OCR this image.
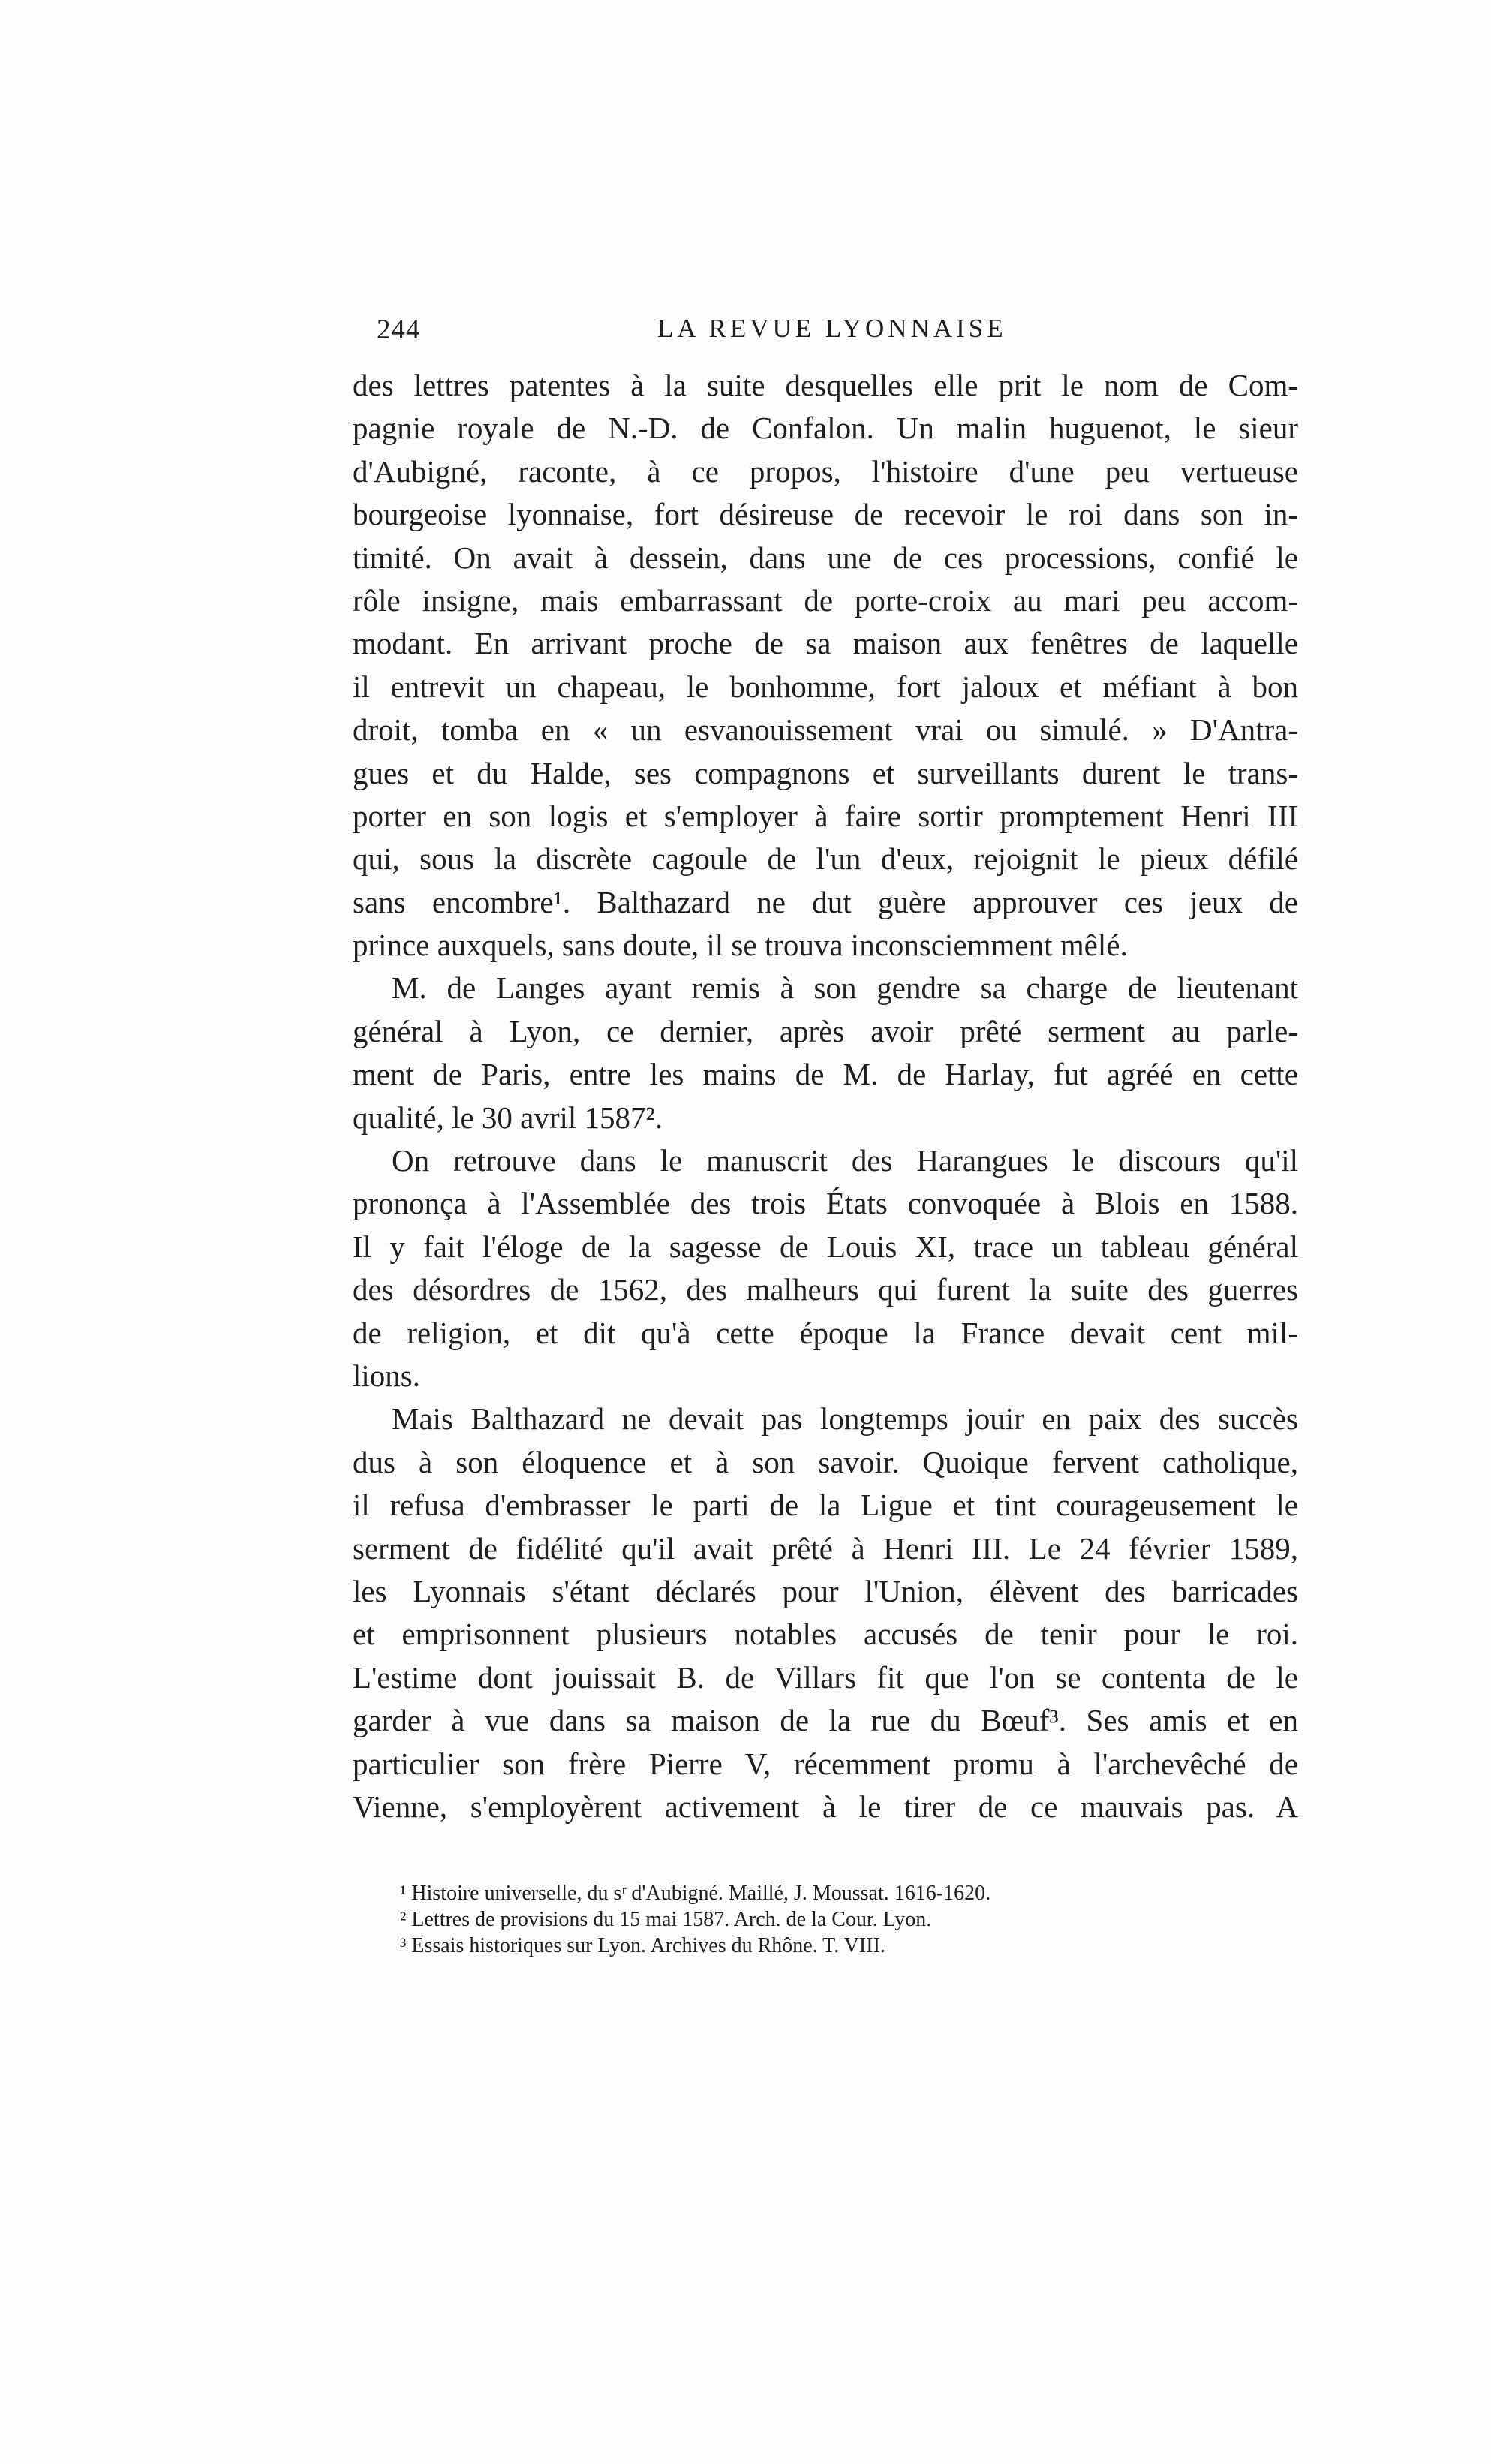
244	LA REVUE LYONNAISE
des lettres patentes à la suite desquelles elle prit le nom de Com-
pagnie royale de N.-D. de Confalon. Un malin huguenot, le sieur
d'Aubigné, raconte, à ce propos, l'histoire d'une peu vertueuse
bourgeoise lyonnaise, fort désireuse de recevoir le roi dans son in-
timité. On avait à dessein, dans une de ces processions, confié le
rôle insigne, mais embarrassant de porte-croix au mari peu accom-
modant. En arrivant proche de sa maison aux fenêtres de laquelle
il entrevit un chapeau, le bonhomme, fort jaloux et méfiant à bon
droit, tomba en « un esvanouissement vrai ou simulé. » D'Antra-
gues et du Halde, ses compagnons et surveillants durent le trans-
porter en son logis et s'employer à faire sortir promptement Henri III
qui, sous la discrète cagoule de l'un d'eux, rejoignit le pieux défilé
sans encombre¹. Balthazard ne dut guère approuver ces jeux de
prince auxquels, sans doute, il se trouva inconsciemment mêlé.
M. de Langes ayant remis à son gendre sa charge de lieutenant
général à Lyon, ce dernier, après avoir prêté serment au parle-
ment de Paris, entre les mains de M. de Harlay, fut agréé en cette
qualité, le 30 avril 1587².
On retrouve dans le manuscrit des Harangues le discours qu'il
prononça à l'Assemblée des trois États convoquée à Blois en 1588.
Il y fait l'éloge de la sagesse de Louis XI, trace un tableau général
des désordres de 1562, des malheurs qui furent la suite des guerres
de religion, et dit qu'à cette époque la France devait cent mil-
lions.
Mais Balthazard ne devait pas longtemps jouir en paix des succès
dus à son éloquence et à son savoir. Quoique fervent catholique,
il refusa d'embrasser le parti de la Ligue et tint courageusement le
serment de fidélité qu'il avait prêté à Henri III. Le 24 février 1589,
les Lyonnais s'étant déclarés pour l'Union, élèvent des barricades
et emprisonnent plusieurs notables accusés de tenir pour le roi.
L'estime dont jouissait B. de Villars fit que l'on se contenta de le
garder à vue dans sa maison de la rue du Bœuf³. Ses amis et en
particulier son frère Pierre V, récemment promu à l'archevêché de
Vienne, s'employèrent activement à le tirer de ce mauvais pas. A
¹ Histoire universelle, du sʳ d'Aubigné. Maillé, J. Moussat. 1616-1620.
² Lettres de provisions du 15 mai 1587. Arch. de la Cour. Lyon.
³ Essais historiques sur Lyon. Archives du Rhône. T. VIII.
